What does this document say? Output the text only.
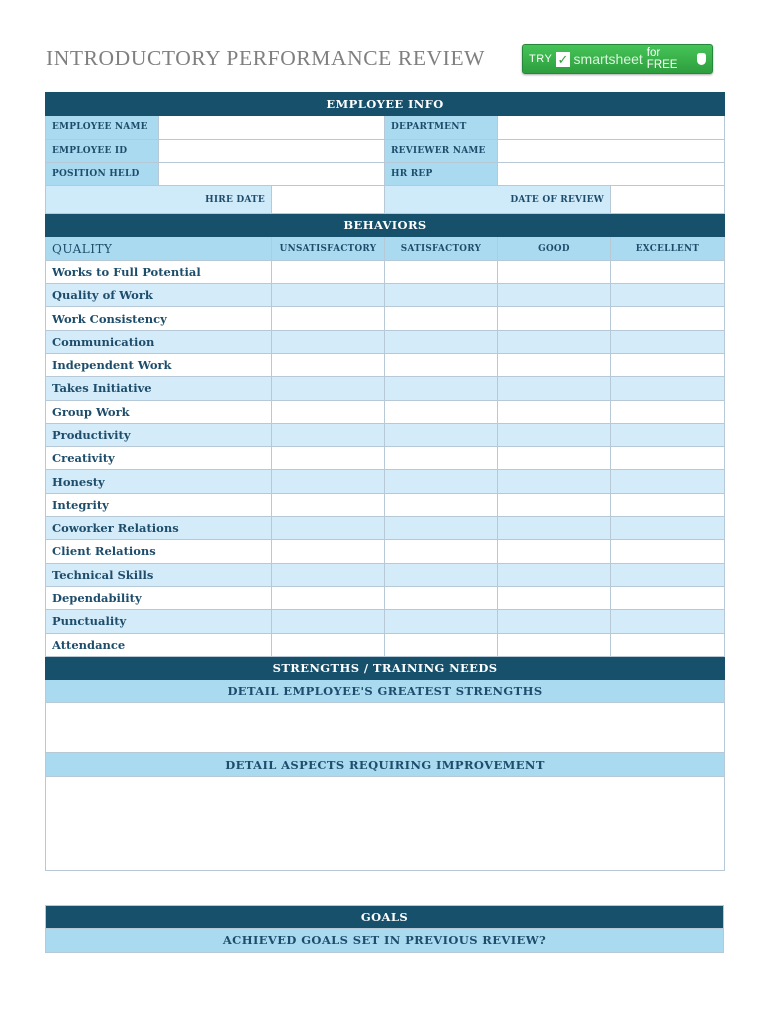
INTRODUCTORY PERFORMANCE REVIEW	TRY ✓ smartsheet for FREE
EMPLOYEE INFO					
EMPLOYEE NAME			DEPARTMENT		
EMPLOYEE ID			REVIEWER NAME		
POSITION HELD			HR REP		
HIRE DATE			DATE OF REVIEW		
BEHAVIORS					
QUALITY		UNSATISFACTORY	SATISFACTORY	GOOD	EXCELLENT
Works to Full Potential					
Quality of Work					
Work Consistency					
Communication					
Independent Work					
Takes Initiative					
Group Work					
Productivity					
Creativity					
Honesty					
Integrity					
Coworker Relations					
Client Relations					
Technical Skills					
Dependability					
Punctuality					
Attendance					
STRENGTHS / TRAINING NEEDS					
DETAIL EMPLOYEE'S GREATEST STRENGTHS					

DETAIL ASPECTS REQUIRING IMPROVEMENT					

GOALS
ACHIEVED GOALS SET IN PREVIOUS REVIEW?
